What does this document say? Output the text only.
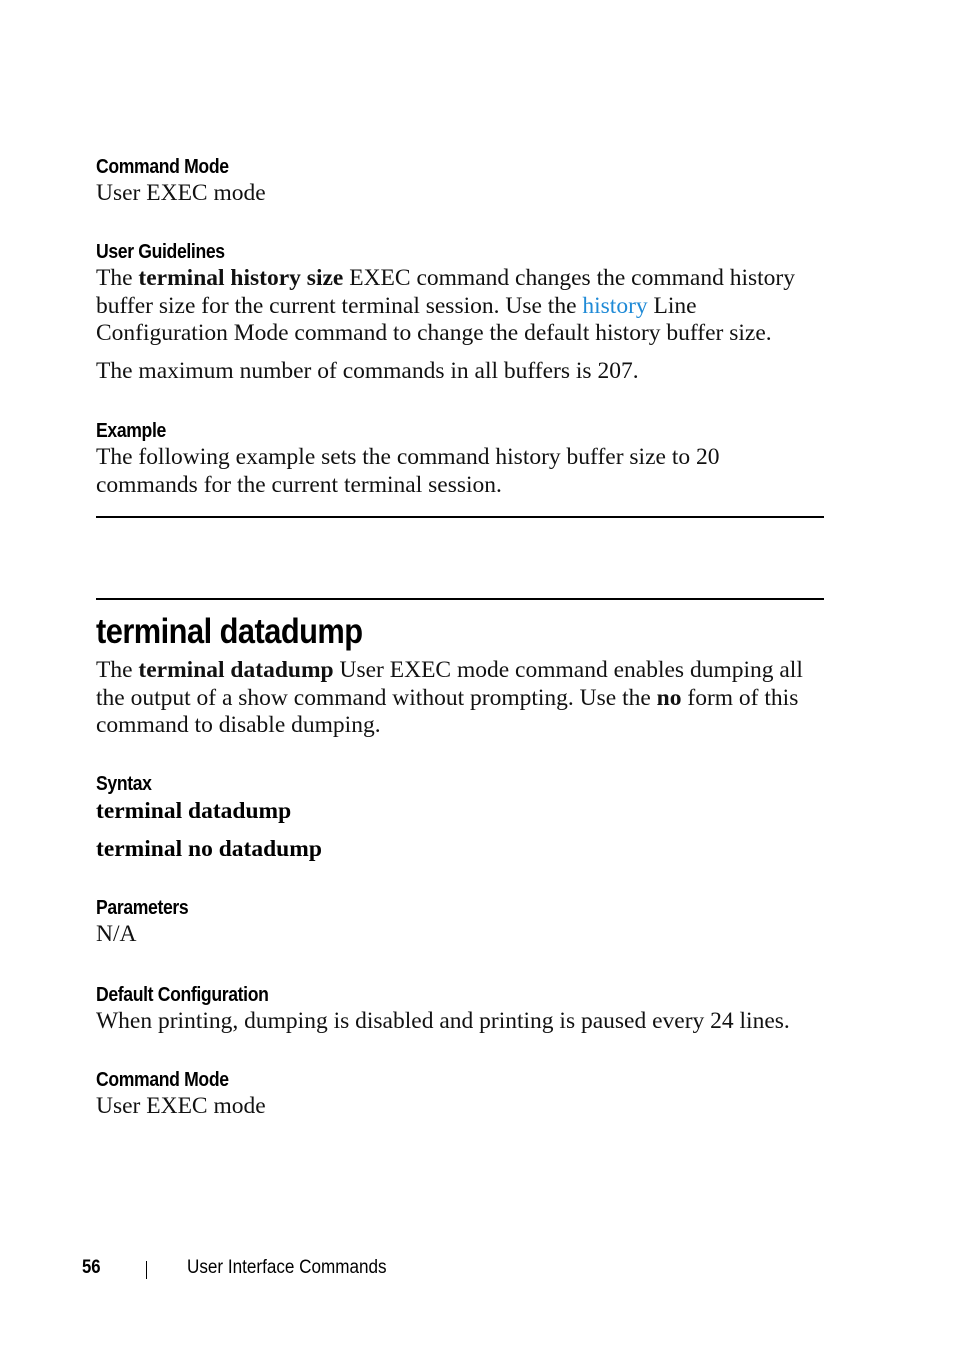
Command Mode
User EXEC mode
User Guidelines
The terminal history size EXEC command changes the command history buffer size for the current terminal session. Use the history Line Configuration Mode command to change the default history buffer size.
The maximum number of commands in all buffers is 207.
Example
The following example sets the command history buffer size to 20 commands for the current terminal session.
terminal datadump
The terminal datadump User EXEC mode command enables dumping all the output of a show command without prompting. Use the no form of this command to disable dumping.
Syntax
terminal datadump
terminal no datadump
Parameters
N/A
Default Configuration
When printing, dumping is disabled and printing is paused every 24 lines.
Command Mode
User EXEC mode
56	User Interface Commands
